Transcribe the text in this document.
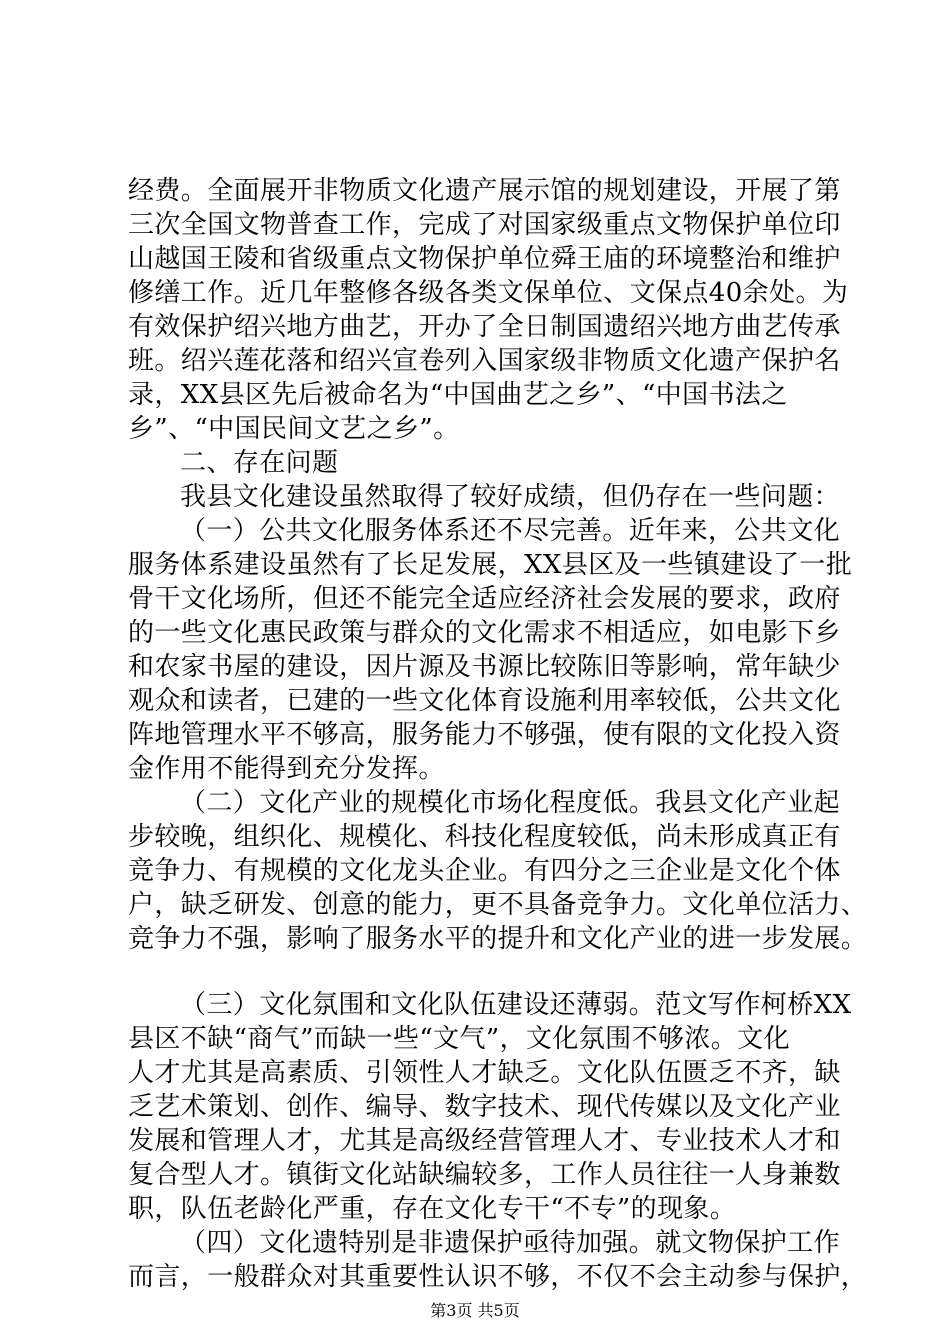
经费。全面展开非物质文化遗产展示馆的规划建设，开展了第
三次全国文物普查工作，完成了对国家级重点文物保护单位印
山越国王陵和省级重点文物保护单位舜王庙的环境整治和维护
修缮工作。近几年整修各级各类文保单位、文保点40余处。为
有效保护绍兴地方曲艺，开办了全日制国遗绍兴地方曲艺传承
班。绍兴莲花落和绍兴宣卷列入国家级非物质文化遗产保护名
录，XX县区先后被命名为“中国曲艺之乡”、“中国书法之
乡”、“中国民间文艺之乡”。
二、存在问题
我县文化建设虽然取得了较好成绩，但仍存在一些问题：
（一）公共文化服务体系还不尽完善。近年来，公共文化
服务体系建设虽然有了长足发展，XX县区及一些镇建设了一批
骨干文化场所，但还不能完全适应经济社会发展的要求，政府
的一些文化惠民政策与群众的文化需求不相适应，如电影下乡
和农家书屋的建设，因片源及书源比较陈旧等影响，常年缺少
观众和读者，已建的一些文化体育设施利用率较低，公共文化
阵地管理水平不够高，服务能力不够强，使有限的文化投入资
金作用不能得到充分发挥。
（二）文化产业的规模化市场化程度低。我县文化产业起
步较晚，组织化、规模化、科技化程度较低，尚未形成真正有
竞争力、有规模的文化龙头企业。有四分之三企业是文化个体
户，缺乏研发、创意的能力，更不具备竞争力。文化单位活力、
竞争力不强，影响了服务水平的提升和文化产业的进一步发展。
（三）文化氛围和文化队伍建设还薄弱。范文写作柯桥XX
县区不缺“商气”而缺一些“文气”，文化氛围不够浓。文化
人才尤其是高素质、引领性人才缺乏。文化队伍匮乏不齐，缺
乏艺术策划、创作、编导、数字技术、现代传媒以及文化产业
发展和管理人才，尤其是高级经营管理人才、专业技术人才和
复合型人才。镇街文化站缺编较多，工作人员往往一人身兼数
职，队伍老龄化严重，存在文化专干“不专”的现象。
（四）文化遗特别是非遗保护亟待加强。就文物保护工作
而言，一般群众对其重要性认识不够，不仅不会主动参与保护，
第3页 共5页
